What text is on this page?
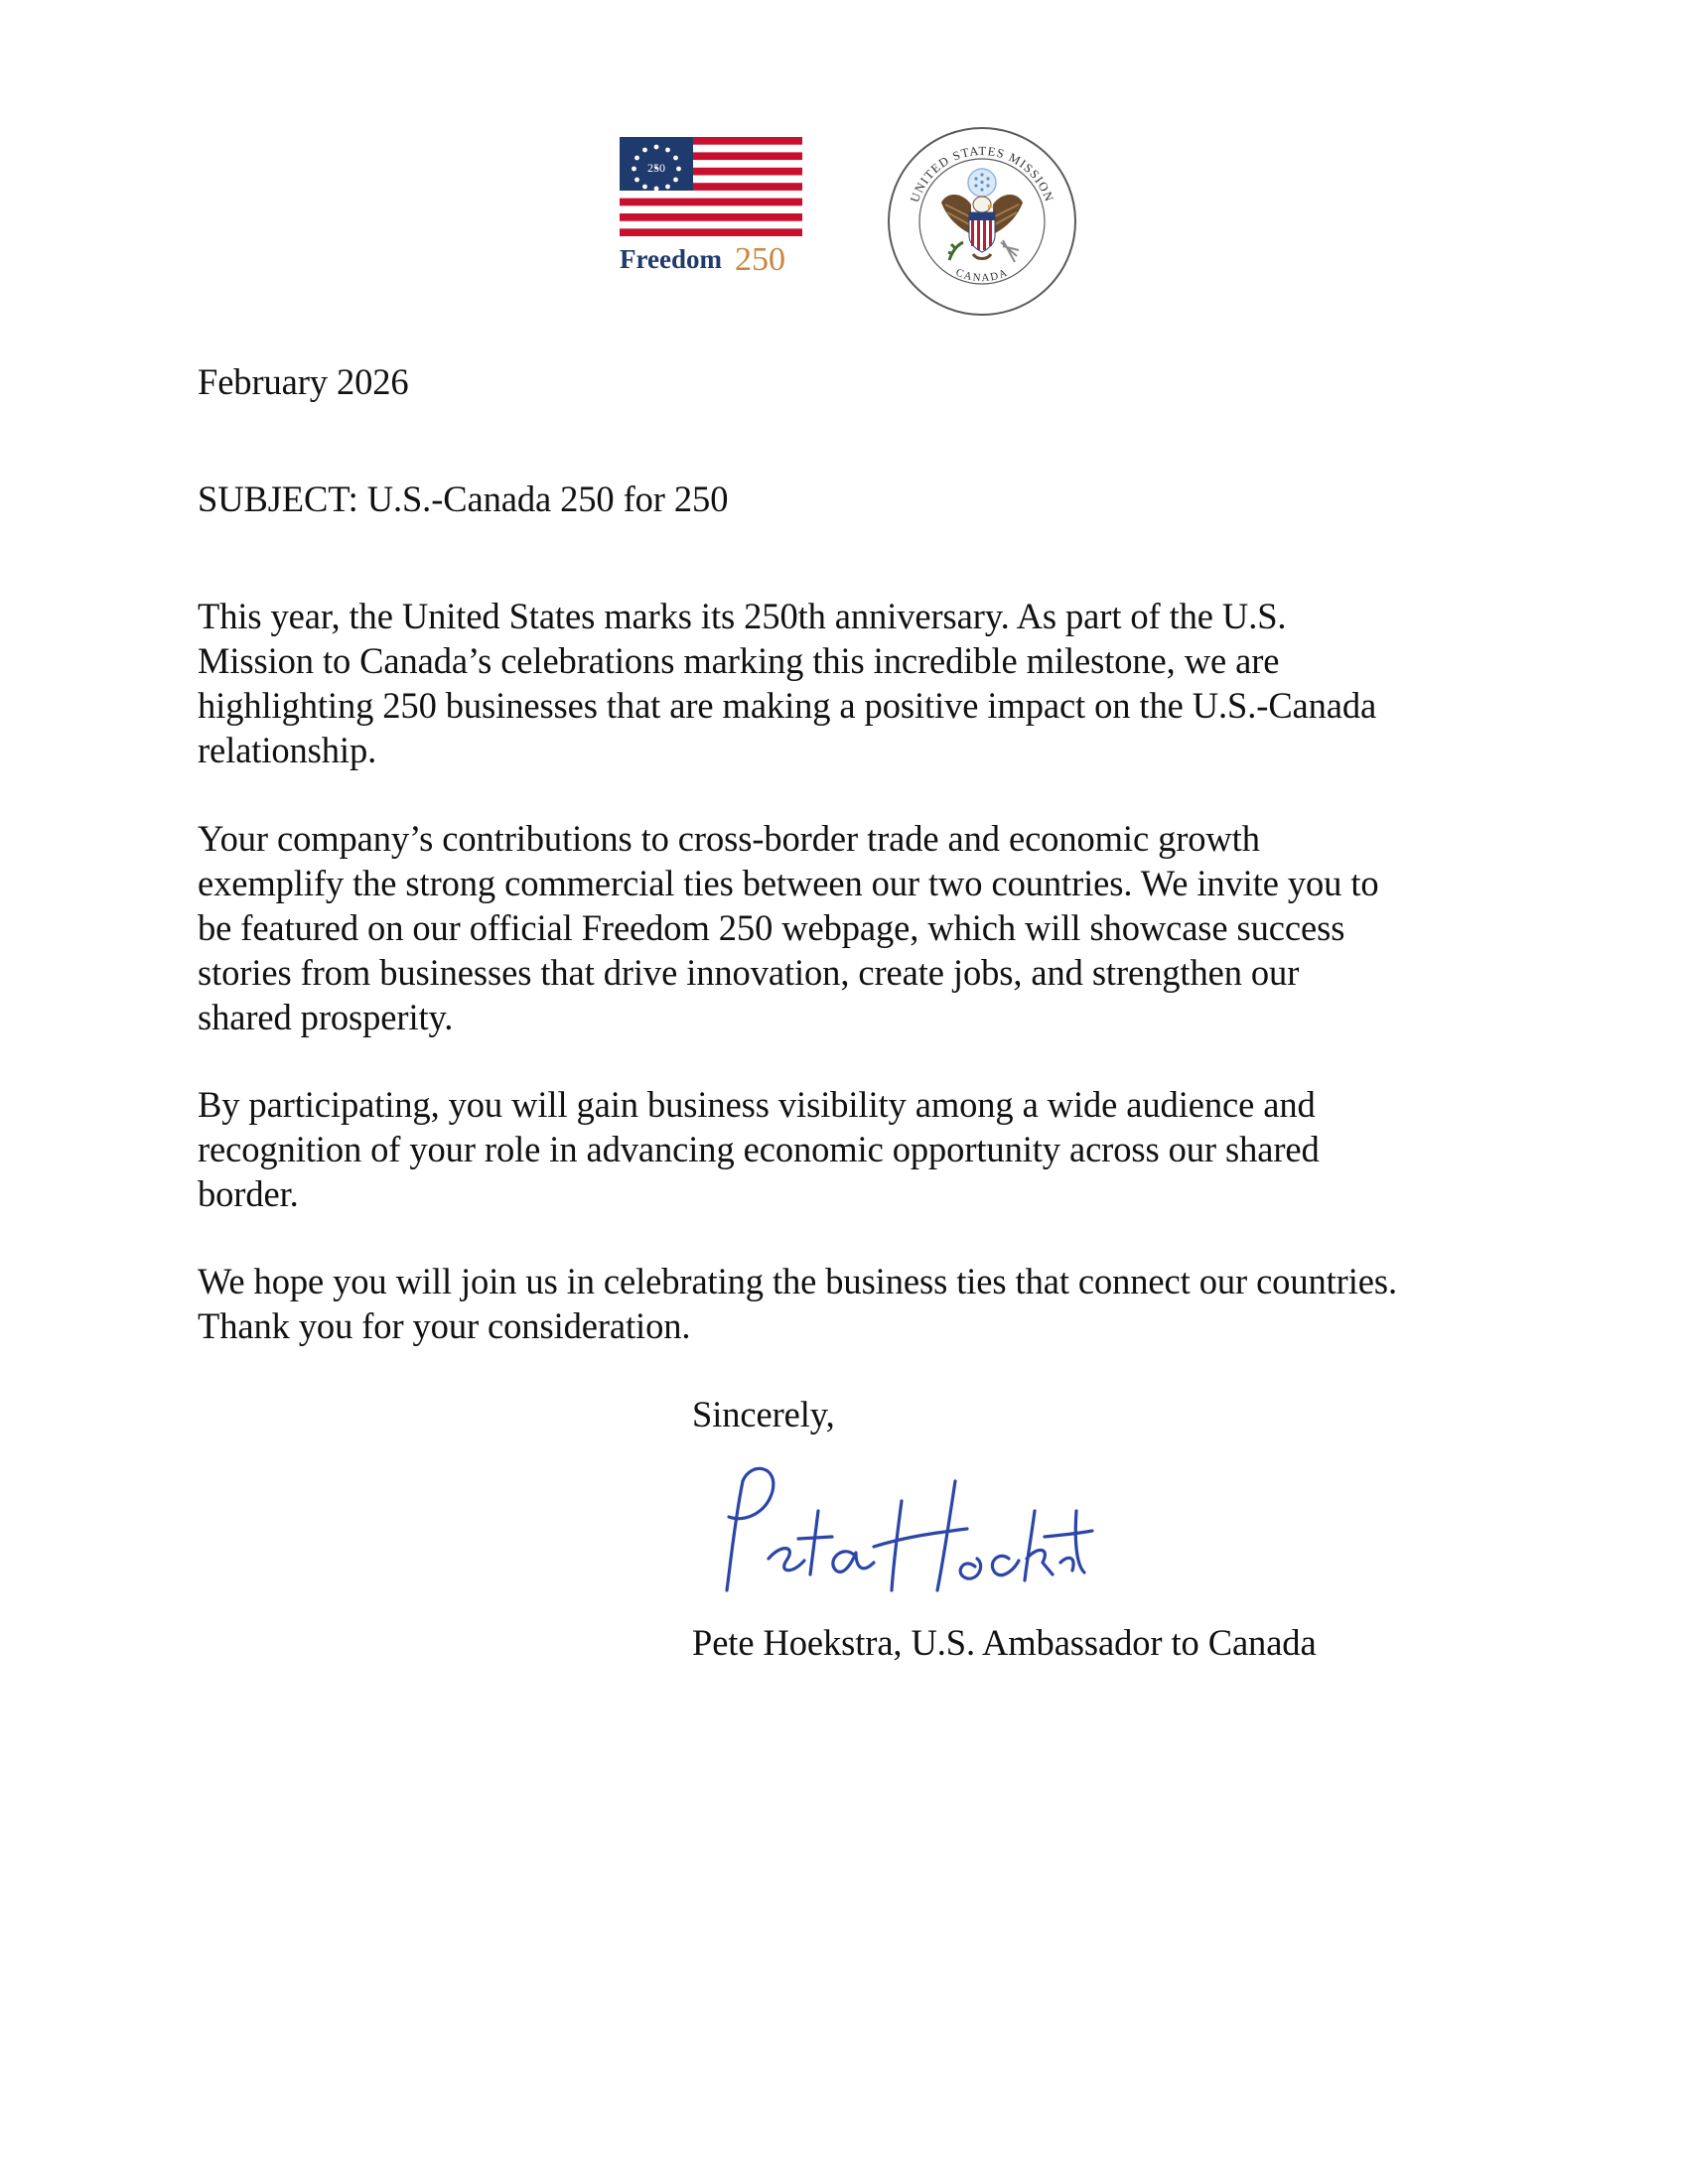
250
Freedom 250
UNITED STATES MISSION
CANADA

February 2026

SUBJECT: U.S.-Canada 250 for 250

This year, the United States marks its 250th anniversary. As part of the U.S.
Mission to Canada’s celebrations marking this incredible milestone, we are
highlighting 250 businesses that are making a positive impact on the U.S.-Canada
relationship.
Your company’s contributions to cross-border trade and economic growth
exemplify the strong commercial ties between our two countries. We invite you to
be featured on our official Freedom 250 webpage, which will showcase success
stories from businesses that drive innovation, create jobs, and strengthen our
shared prosperity.
By participating, you will gain business visibility among a wide audience and
recognition of your role in advancing economic opportunity across our shared
border.
We hope you will join us in celebrating the business ties that connect our countries.
Thank you for your consideration.

Sincerely,

Pete Hoekstra, U.S. Ambassador to Canada
